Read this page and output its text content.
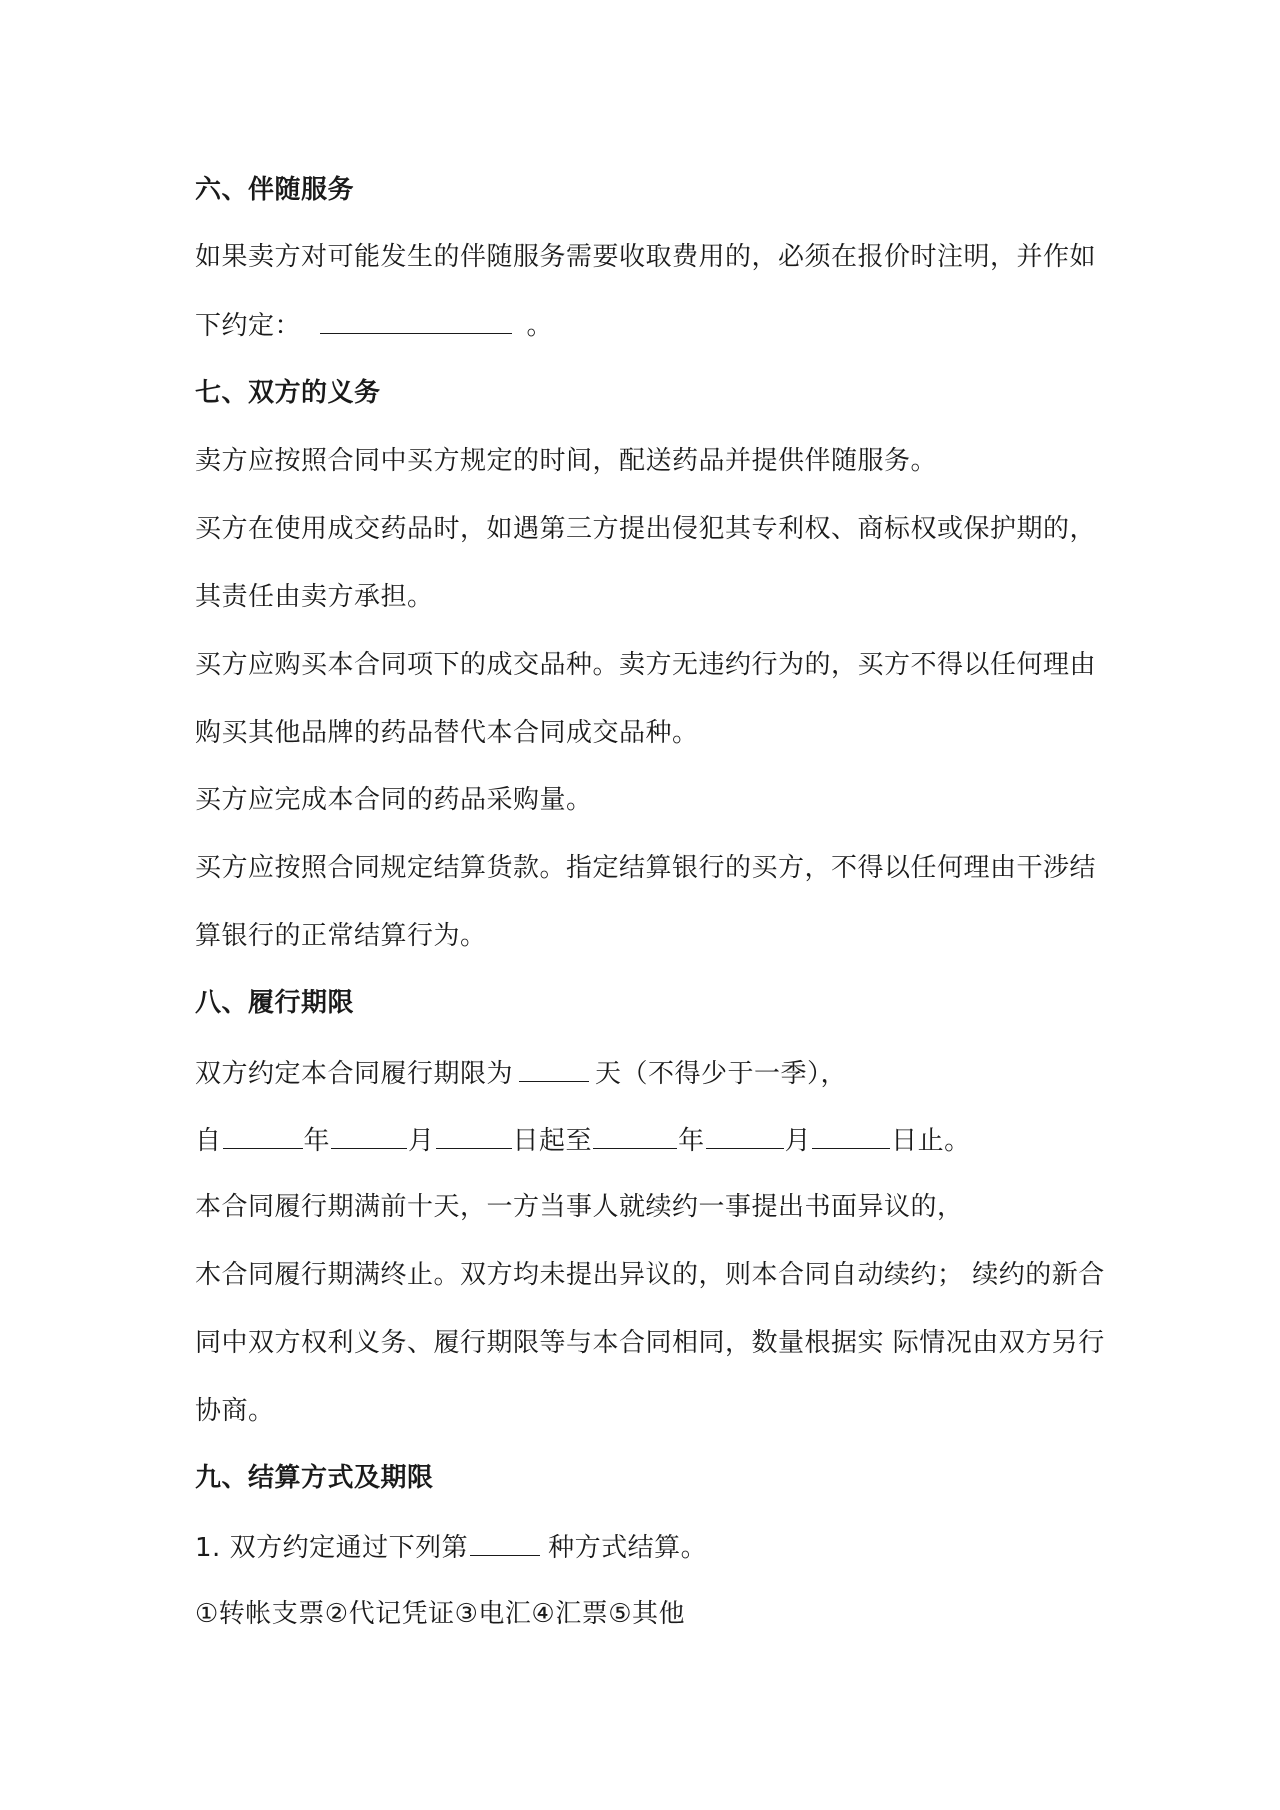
六、伴随服务
如果卖方对可能发生的伴随服务需要收取费用的，必须在报价时注明，并作如
下约定：	。
七、双方的义务
卖方应按照合同中买方规定的时间，配送药品并提供伴随服务。
买方在使用成交药品时，如遇第三方提出侵犯其专利权、商标权或保护期的，
其责任由卖方承担。
买方应购买本合同项下的成交品种。卖方无违约行为的，买方不得以任何理由
购买其他品牌的药品替代本合同成交品种。
买方应完成本合同的药品采购量。
买方应按照合同规定结算货款。指定结算银行的买方，不得以任何理由干涉结
算银行的正常结算行为。
八、履行期限
双方约定本合同履行期限为	天（不得少于一季），
自	年	月	日起至	年	月	日止。
本合同履行期满前十天，一方当事人就续约一事提出书面异议的，
木合同履行期满终止。双方均未提出异议的，则本合同自动续约； 续约的新合
同中双方权利义务、履行期限等与本合同相同，数量根据实 际情况由双方另行
协商。
九、结算方式及期限
1. 双方约定通过下列第	种方式结算。
①转帐支票②代记凭证③电汇④汇票⑤其他
